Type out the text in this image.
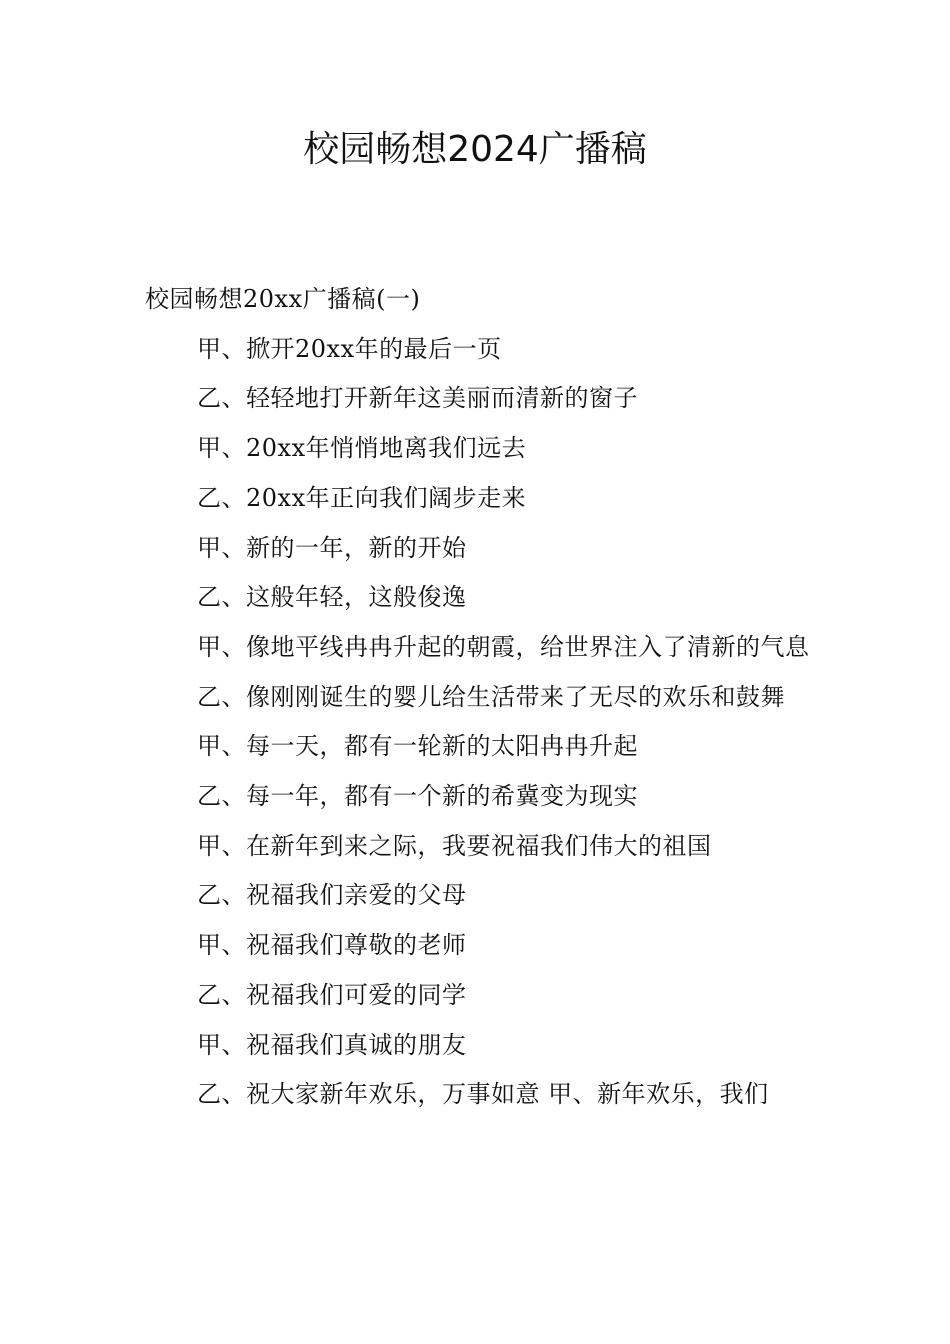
校园畅想2024广播稿

校园畅想20xx广播稿(一)

甲、掀开20xx年的最后一页

乙、轻轻地打开新年这美丽而清新的窗子

甲、20xx年悄悄地离我们远去

乙、20xx年正向我们阔步走来

甲、新的一年，新的开始

乙、这般年轻，这般俊逸

甲、像地平线冉冉升起的朝霞，给世界注入了清新的气息

乙、像刚刚诞生的婴儿给生活带来了无尽的欢乐和鼓舞

甲、每一天，都有一轮新的太阳冉冉升起

乙、每一年，都有一个新的希冀变为现实

甲、在新年到来之际，我要祝福我们伟大的祖国

乙、祝福我们亲爱的父母

甲、祝福我们尊敬的老师

乙、祝福我们可爱的同学

甲、祝福我们真诚的朋友

乙、祝大家新年欢乐，万事如意 甲、新年欢乐，我们
